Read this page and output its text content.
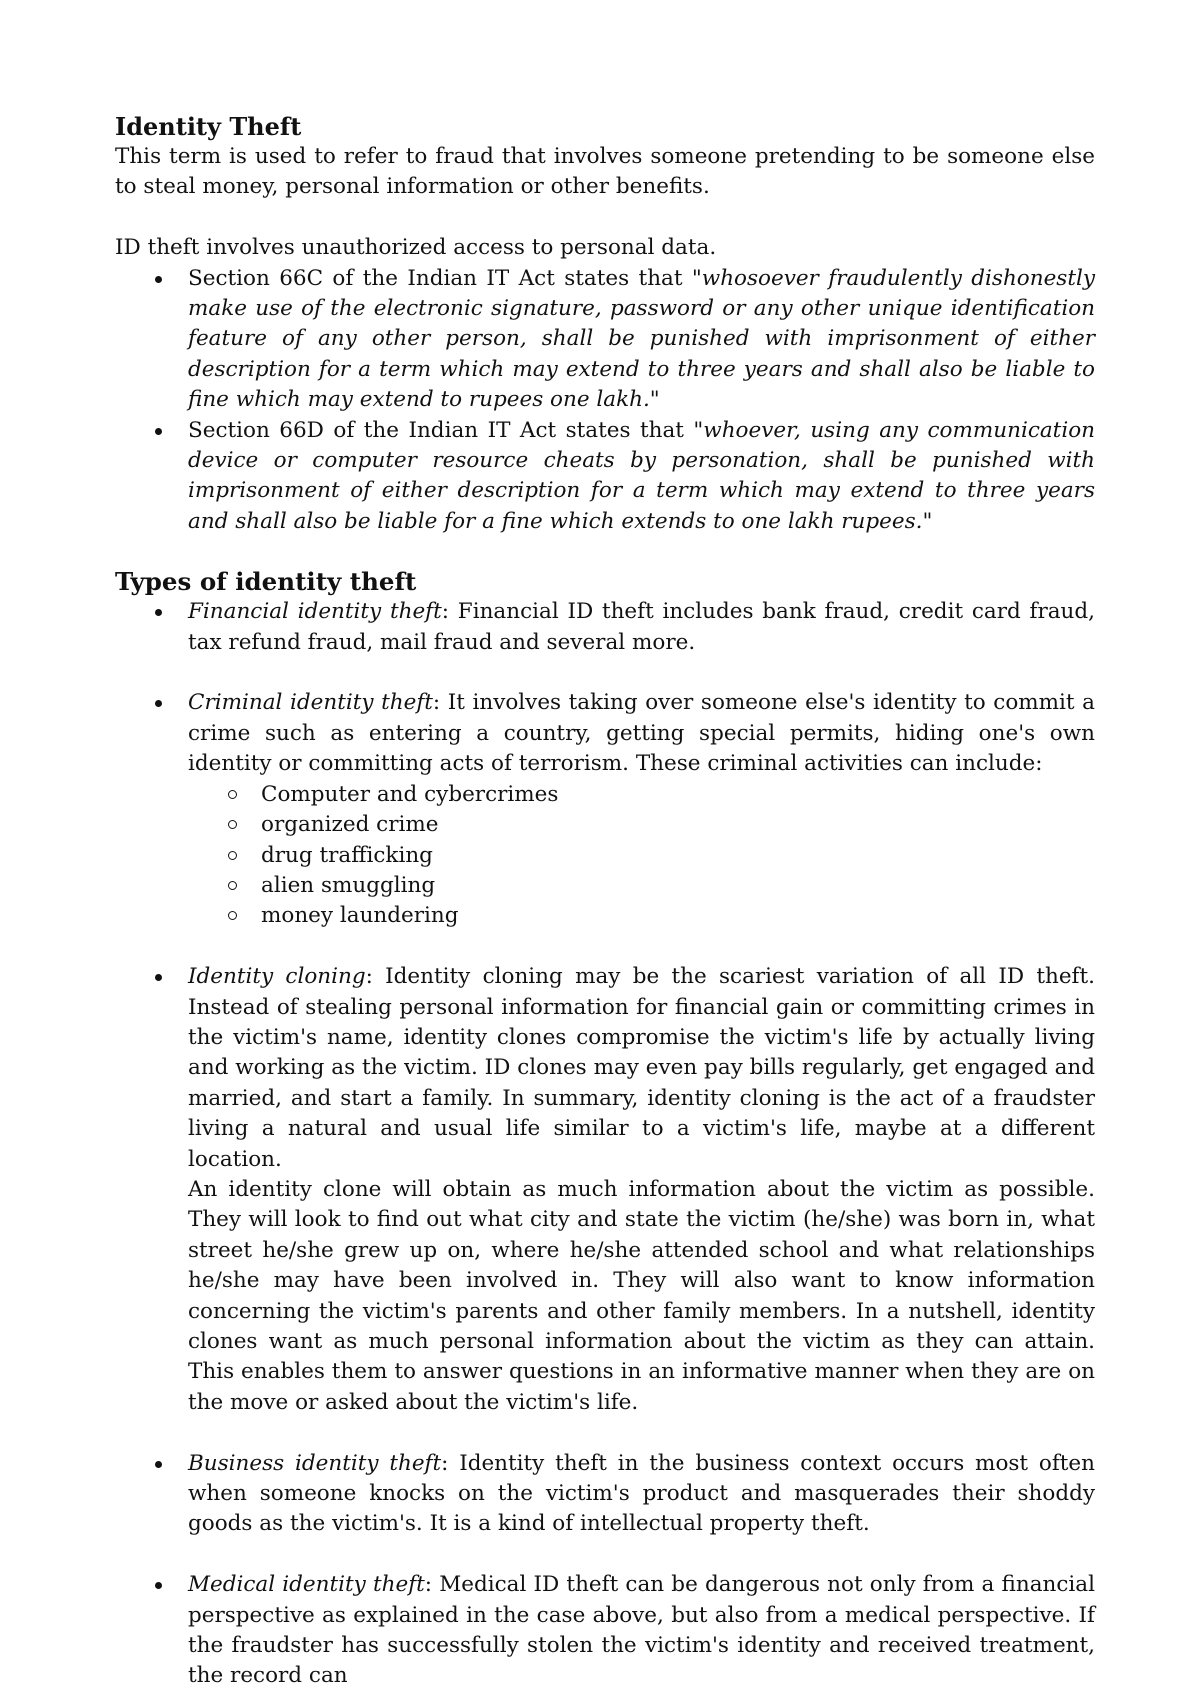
Identity Theft

This term is used to refer to fraud that involves someone pretending to be someone else to steal money, personal information or other benefits.

ID theft involves unauthorized access to personal data.

Section 66C of the Indian IT Act states that "whosoever fraudulently dishonestly make use of the electronic signature, password or any other unique identification feature of any other person, shall be punished with imprisonment of either description for a term which may extend to three years and shall also be liable to fine which may extend to rupees one lakh."
Section 66D of the Indian IT Act states that "whoever, using any communication device or computer resource cheats by personation, shall be punished with imprisonment of either description for a term which may extend to three years and shall also be liable for a fine which extends to one lakh rupees."
Types of identity theft
Financial identity theft: Financial ID theft includes bank fraud, credit card fraud, tax refund fraud, mail fraud and several more.
Criminal identity theft: It involves taking over someone else's identity to commit a crime such as entering a country, getting special permits, hiding one's own identity or committing acts of terrorism. These criminal activities can include:
Computer and cybercrimes
organized crime
drug trafficking
alien smuggling
money laundering
Identity cloning: Identity cloning may be the scariest variation of all ID theft. Instead of stealing personal information for financial gain or committing crimes in the victim's name, identity clones compromise the victim's life by actually living and working as the victim. ID clones may even pay bills regularly, get engaged and married, and start a family. In summary, identity cloning is the act of a fraudster living a natural and usual life similar to a victim's life, maybe at a different location.
An identity clone will obtain as much information about the victim as possible. They will look to find out what city and state the victim (he/she) was born in, what street he/she grew up on, where he/she attended school and what relationships he/she may have been involved in. They will also want to know information concerning the victim's parents and other family members. In a nutshell, identity clones want as much personal information about the victim as they can attain. This enables them to answer questions in an informative manner when they are on the move or asked about the victim's life.
Business identity theft: Identity theft in the business context occurs most often when someone knocks on the victim's product and masquerades their shoddy goods as the victim's. It is a kind of intellectual property theft.
Medical identity theft: Medical ID theft can be dangerous not only from a financial perspective as explained in the case above, but also from a medical perspective. If the fraudster has successfully stolen the victim's identity and received treatment, the record can
